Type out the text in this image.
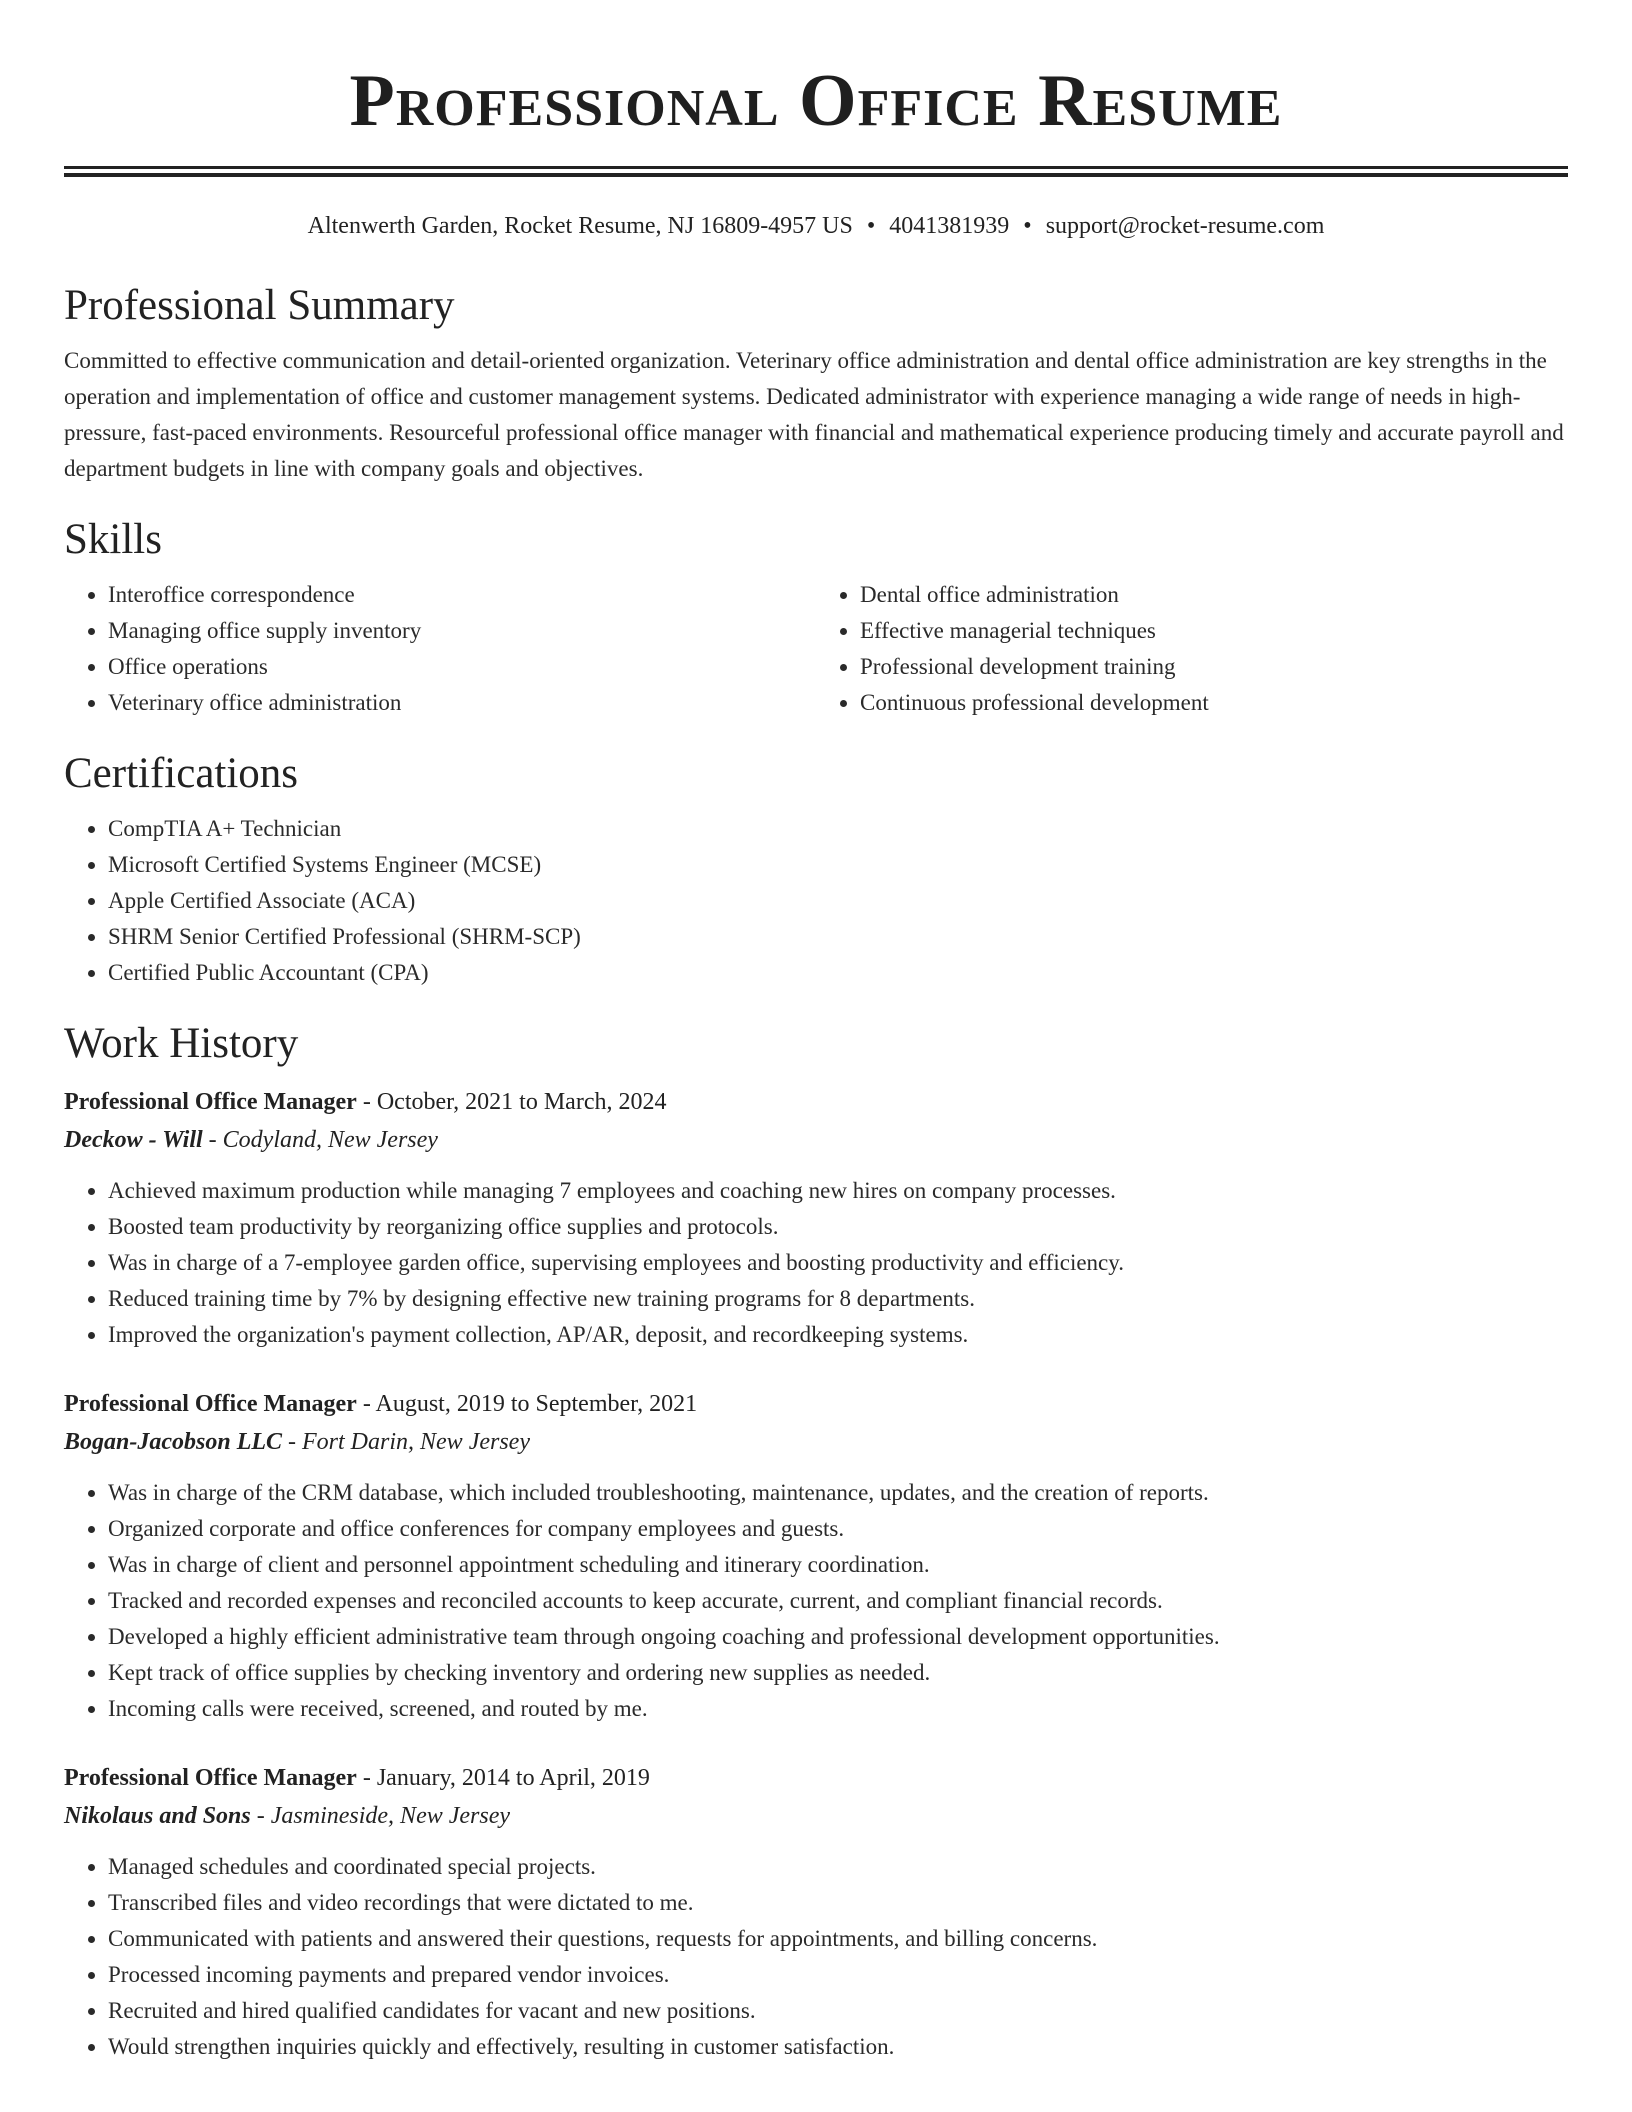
Professional Office Resume
Altenwerth Garden, Rocket Resume, NJ 16809-4957 US • 4041381939 • support@rocket-resume.com
Professional Summary
Committed to effective communication and detail-oriented organization. Veterinary office administration and dental office administration are key strengths in the operation and implementation of office and customer management systems. Dedicated administrator with experience managing a wide range of needs in high-pressure, fast-paced environments. Resourceful professional office manager with financial and mathematical experience producing timely and accurate payroll and department budgets in line with company goals and objectives.
Skills
• Interoffice correspondence
• Managing office supply inventory
• Office operations
• Veterinary office administration
• Dental office administration
• Effective managerial techniques
• Professional development training
• Continuous professional development
Certifications
• CompTIA A+ Technician
• Microsoft Certified Systems Engineer (MCSE)
• Apple Certified Associate (ACA)
• SHRM Senior Certified Professional (SHRM-SCP)
• Certified Public Accountant (CPA)
Work History
Professional Office Manager - October, 2021 to March, 2024
Deckow - Will - Codyland, New Jersey
• Achieved maximum production while managing 7 employees and coaching new hires on company processes.
• Boosted team productivity by reorganizing office supplies and protocols.
• Was in charge of a 7-employee garden office, supervising employees and boosting productivity and efficiency.
• Reduced training time by 7% by designing effective new training programs for 8 departments.
• Improved the organization's payment collection, AP/AR, deposit, and recordkeeping systems.
Professional Office Manager - August, 2019 to September, 2021
Bogan-Jacobson LLC - Fort Darin, New Jersey
• Was in charge of the CRM database, which included troubleshooting, maintenance, updates, and the creation of reports.
• Organized corporate and office conferences for company employees and guests.
• Was in charge of client and personnel appointment scheduling and itinerary coordination.
• Tracked and recorded expenses and reconciled accounts to keep accurate, current, and compliant financial records.
• Developed a highly efficient administrative team through ongoing coaching and professional development opportunities.
• Kept track of office supplies by checking inventory and ordering new supplies as needed.
• Incoming calls were received, screened, and routed by me.
Professional Office Manager - January, 2014 to April, 2019
Nikolaus and Sons - Jasmineside, New Jersey
• Managed schedules and coordinated special projects.
• Transcribed files and video recordings that were dictated to me.
• Communicated with patients and answered their questions, requests for appointments, and billing concerns.
• Processed incoming payments and prepared vendor invoices.
• Recruited and hired qualified candidates for vacant and new positions.
• Would strengthen inquiries quickly and effectively, resulting in customer satisfaction.
